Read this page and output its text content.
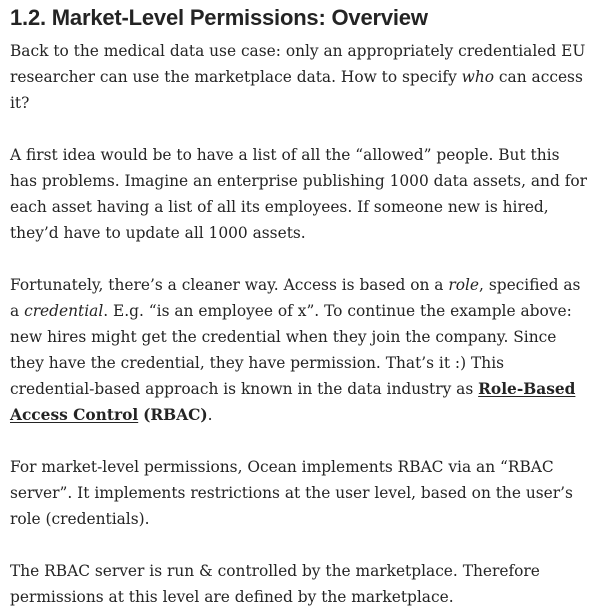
1.2. Market-Level Permissions: Overview

Back to the medical data use case: only an appropriately credentialed EU researcher can use the marketplace data. How to specify who can access it?

A first idea would be to have a list of all the “allowed” people. But this has problems. Imagine an enterprise publishing 1000 data assets, and for each asset having a list of all its employees. If someone new is hired, they’d have to update all 1000 assets.

Fortunately, there’s a cleaner way. Access is based on a role, specified as a credential. E.g. “is an employee of x”. To continue the example above: new hires might get the credential when they join the company. Since they have the credential, they have permission. That’s it :) This credential-based approach is known in the data industry as Role-Based Access Control (RBAC).

For market-level permissions, Ocean implements RBAC via an “RBAC server”. It implements restrictions at the user level, based on the user’s role (credentials).

The RBAC server is run & controlled by the marketplace. Therefore permissions at this level are defined by the marketplace.
